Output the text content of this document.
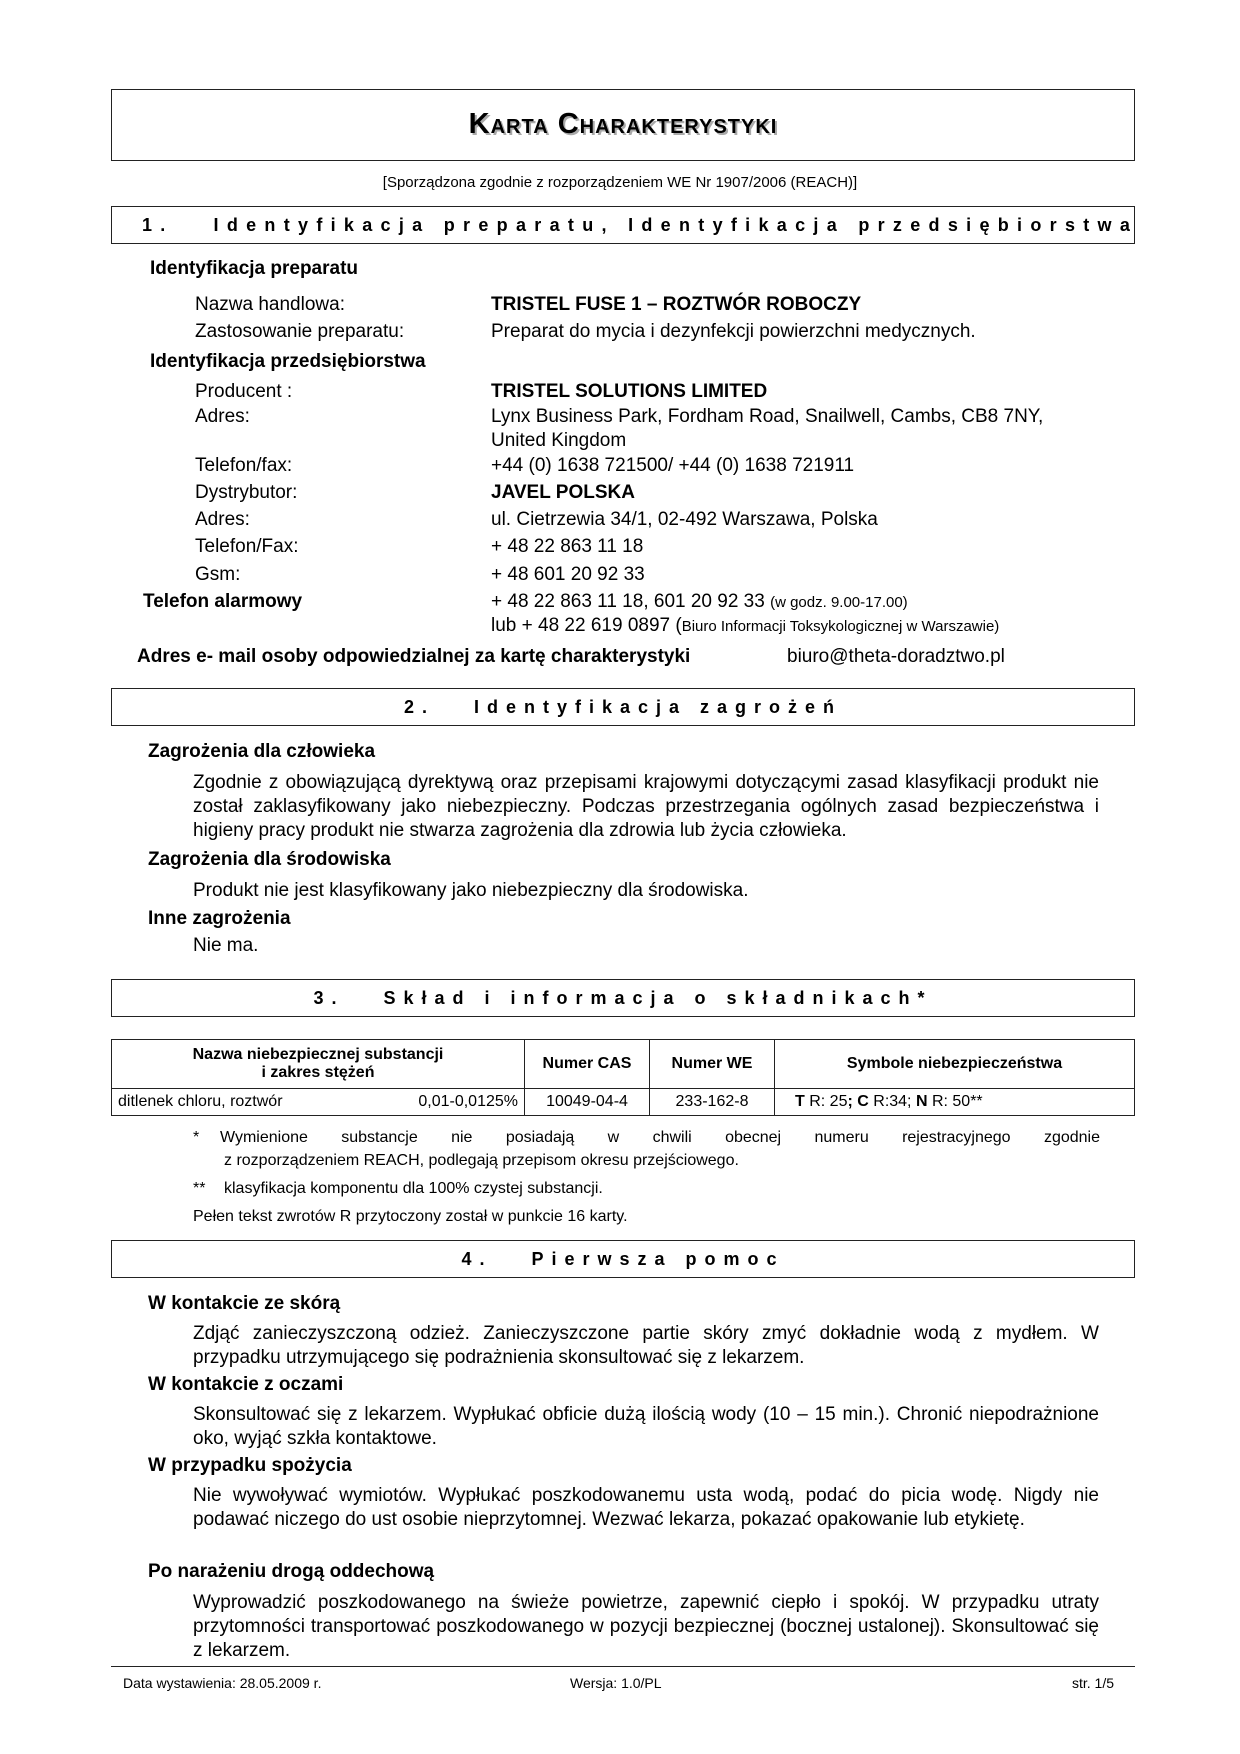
Karta Charakterystyki
[Sporządzona zgodnie z rozporządzeniem WE Nr 1907/2006 (REACH)]
1.   Identyfikacja preparatu, Identyfikacja przedsiębiorstwa
Identyfikacja preparatu
Nazwa handlowa:	TRISTEL FUSE 1 – ROZTWÓR ROBOCZY
Zastosowanie preparatu:	Preparat do mycia i dezynfekcji powierzchni medycznych.
Identyfikacja przedsiębiorstwa
Producent :	TRISTEL SOLUTIONS LIMITED
Adres:	Lynx Business Park, Fordham Road, Snailwell, Cambs, CB8 7NY,
United Kingdom
Telefon/fax:	+44 (0) 1638 721500/ +44 (0) 1638 721911
Dystrybutor:	JAVEL POLSKA
Adres:	ul. Cietrzewia 34/1, 02-492 Warszawa, Polska
Telefon/Fax:	+ 48 22 863 11 18
Gsm:	+ 48 601 20 92 33
Telefon alarmowy	+ 48 22 863 11 18, 601 20 92 33 (w godz. 9.00-17.00)
lub + 48 22 619 0897 (Biuro Informacji Toksykologicznej w Warszawie)
Adres e- mail osoby odpowiedzialnej za kartę charakterystyki	biuro@theta-doradztwo.pl
2.   Identyfikacja zagrożeń
Zagrożenia dla człowieka
Zgodnie z obowiązującą dyrektywą oraz przepisami krajowymi dotyczącymi zasad klasyfikacji produkt nie został zaklasyfikowany jako niebezpieczny. Podczas przestrzegania ogólnych zasad bezpieczeństwa i higieny pracy produkt nie stwarza zagrożenia dla zdrowia lub życia człowieka.
Zagrożenia dla środowiska
Produkt nie jest klasyfikowany jako niebezpieczny dla środowiska.
Inne zagrożenia
Nie ma.
3.   Skład i informacja o składnikach*
Nazwa niebezpiecznej substancji
i zakres stężeń	Numer CAS	Numer WE	Symbole niebezpieczeństwa

ditlenek chloru, roztwór 0,01-0,0125%	10049-04-4	233-162-8	T R: 25; C R:34; N R: 50**
* Wymienione substancje nie posiadają w chwili obecnej numeru rejestracyjnego zgodnie
z rozporządzeniem REACH, podlegają przepisom okresu przejściowego.
** klasyfikacja komponentu dla 100% czystej substancji.
Pełen tekst zwrotów R przytoczony został w punkcie 16 karty.
4.   Pierwsza pomoc
W kontakcie ze skórą
Zdjąć zanieczyszczoną odzież. Zanieczyszczone partie skóry zmyć dokładnie wodą z mydłem. W przypadku utrzymującego się podrażnienia skonsultować się z lekarzem.
W kontakcie z oczami
Skonsultować się z lekarzem. Wypłukać obficie dużą ilością wody (10 – 15 min.). Chronić niepodrażnione oko, wyjąć szkła kontaktowe.
W przypadku spożycia
Nie wywoływać wymiotów. Wypłukać poszkodowanemu usta wodą, podać do picia wodę. Nigdy nie podawać niczego do ust osobie nieprzytomnej. Wezwać lekarza, pokazać opakowanie lub etykietę.
Po narażeniu drogą oddechową
Wyprowadzić poszkodowanego na świeże powietrze, zapewnić ciepło i spokój. W przypadku utraty przytomności transportować poszkodowanego w pozycji bezpiecznej (bocznej ustalonej). Skonsultować się z lekarzem.
Data wystawienia: 28.05.2009 r.	Wersja: 1.0/PL	str. 1/5
